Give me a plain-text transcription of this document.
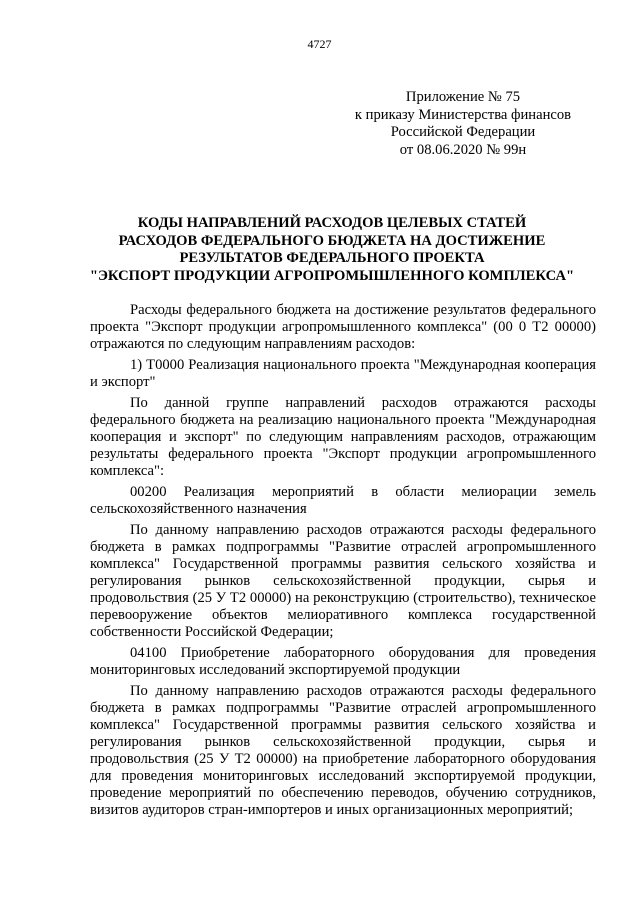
4727
Приложение № 75
к приказу Министерства финансов
Российской Федерации
от 08.06.2020 № 99н
КОДЫ НАПРАВЛЕНИЙ РАСХОДОВ ЦЕЛЕВЫХ СТАТЕЙ
РАСХОДОВ ФЕДЕРАЛЬНОГО БЮДЖЕТА НА ДОСТИЖЕНИЕ
РЕЗУЛЬТАТОВ ФЕДЕРАЛЬНОГО ПРОЕКТА
"ЭКСПОРТ ПРОДУКЦИИ АГРОПРОМЫШЛЕННОГО КОМПЛЕКСА"

Расходы федерального бюджета на достижение результатов федерального проекта "Экспорт продукции агропромышленного комплекса" (00 0 Т2 00000) отражаются по следующим направлениям расходов:

1) Т0000 Реализация национального проекта "Международная кооперация и экспорт"

По данной группе направлений расходов отражаются расходы федерального бюджета на реализацию национального проекта "Международная кооперация и экспорт" по следующим направлениям расходов, отражающим результаты федерального проекта "Экспорт продукции агропромышленного комплекса":

00200 Реализация мероприятий в области мелиорации земель сельскохозяйственного назначения

По данному направлению расходов отражаются расходы федерального бюджета в рамках подпрограммы "Развитие отраслей агропромышленного комплекса" Государственной программы развития сельского хозяйства и регулирования рынков сельскохозяйственной продукции, сырья и продовольствия (25 У Т2 00000) на реконструкцию (строительство), техническое перевооружение объектов мелиоративного комплекса государственной собственности Российской Федерации;

04100 Приобретение лабораторного оборудования для проведения мониторинговых исследований экспортируемой продукции

По данному направлению расходов отражаются расходы федерального бюджета в рамках подпрограммы "Развитие отраслей агропромышленного комплекса" Государственной программы развития сельского хозяйства и регулирования рынков сельскохозяйственной продукции, сырья и продовольствия (25 У Т2 00000) на приобретение лабораторного оборудования для проведения мониторинговых исследований экспортируемой продукции, проведение мероприятий по обеспечению переводов, обучению сотрудников, визитов аудиторов стран-импортеров и иных организационных мероприятий;
